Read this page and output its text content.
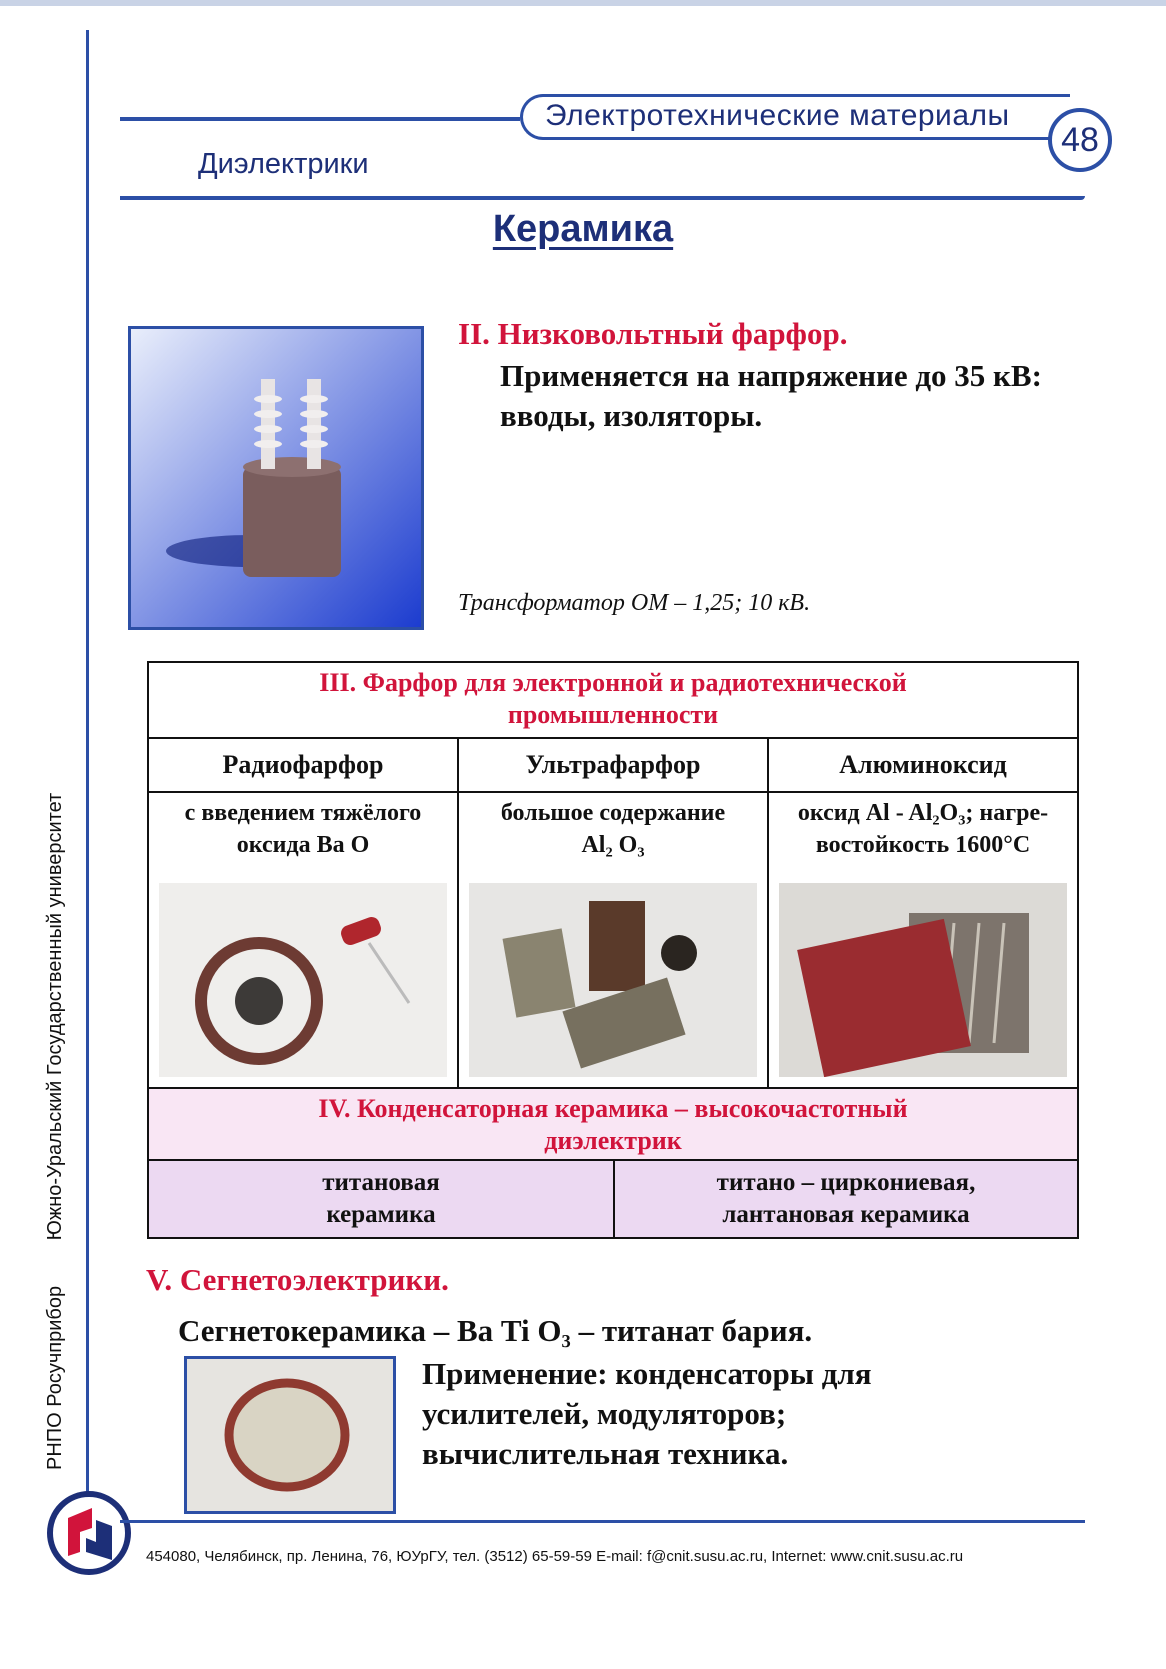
Электротехнические материалы
48
Диэлектрики
Керамика
РНПО Росучприбор Южно-Уральский Государственный университет
II. Низковольтный фарфор.
Применяется на напряжение до 35 кВ:
вводы, изоляторы.
Трансформатор ОМ – 1,25; 10 кВ.
III. Фарфор для электронной и радиотехнической
промышленности
Радиофарфор	Ультрафарфор	Алюминоксид
с введением тяжёлого
оксида Ва О
большое содержание
Al₂ O₃
оксид Al - Al₂O₃; нагре-
востойкость 1600°С
IV. Конденсаторная керамика – высокочастотный
диэлектрик
титановая
керамика
титано – циркониевая,
лантановая керамика
V. Сегнетоэлектрики.
Сегнетокерамика – Ва Ti O₃ – титанат бария.
Применение: конденсаторы для
усилителей, модуляторов;
вычислительная техника.
454080, Челябинск, пр. Ленина, 76, ЮУрГУ, тел. (3512) 65-59-59 E-mail: f@cnit.susu.ac.ru, Internet: www.cnit.susu.ac.ru
